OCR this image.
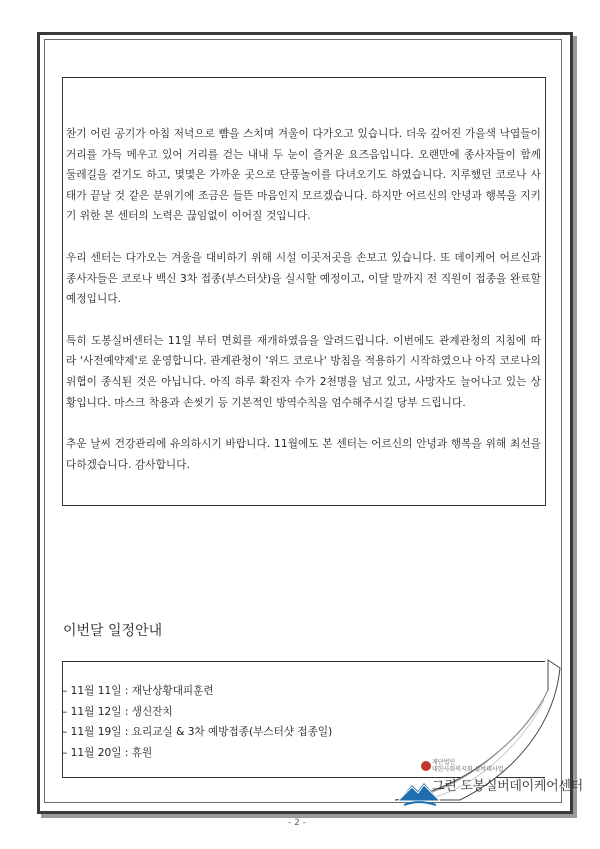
찬기 어린 공기가 아침 저녁으로 뺨을 스치며 겨울이 다가오고 있습니다. 더욱 깊어진 가을색 낙엽들이 거리를 가득 메우고 있어 거리를 걷는 내내 두 눈이 즐거운 요즈음입니다. 오랜만에 종사자들이 함께 둘레길을 걷기도 하고, 몇몇은 가까운 곳으로 단풍놀이를 다녀오기도 하였습니다. 지루했던 코로나 사태가 끝날 것 같은 분위기에 조금은 들뜬 마음인지 모르겠습니다. 하지만 어르신의 안녕과 행복을 지키기 위한 본 센터의 노력은 끊임없이 이어질 것입니다.

우리 센터는 다가오는 겨울을 대비하기 위해 시설 이곳저곳을 손보고 있습니다. 또 데이케어 어르신과 종사자들은 코로나 백신 3차 접종(부스터샷)을 실시할 예정이고, 이달 말까지 전 직원이 접종을 완료할 예정입니다.

특히 도봉실버센터는 11일 부터 면회를 재개하였음을 알려드립니다. 이번에도 관계관청의 지침에 따라 '사전예약제'로 운영합니다. 관계관청이 '위드 코로나' 방침을 적용하기 시작하였으나 아직 코로나의 위협이 종식된 것은 아닙니다. 아직 하루 확진자 수가 2천명을 넘고 있고, 사망자도 늘어나고 있는 상황입니다. 마스크 착용과 손씻기 등 기본적인 방역수칙을 엄수해주시길 당부 드립니다.

추운 날씨 건강관리에 유의하시기 바랍니다. 11월에도 본 센터는 어르신의 안녕과 행복을 위해 최선을 다하겠습니다. 감사합니다.

이번달 일정안내
– 11월 11일 : 재난상황대피훈련
– 11월 12일 : 생신잔치
– 11월 19일 : 요리교실 & 3차 예방접종(부스터샷 접종일)
– 11월 20일 : 휴원
재단법인
대한사회복지회 실버대사업
그린 도봉실버데이케어센터
- 2 -
